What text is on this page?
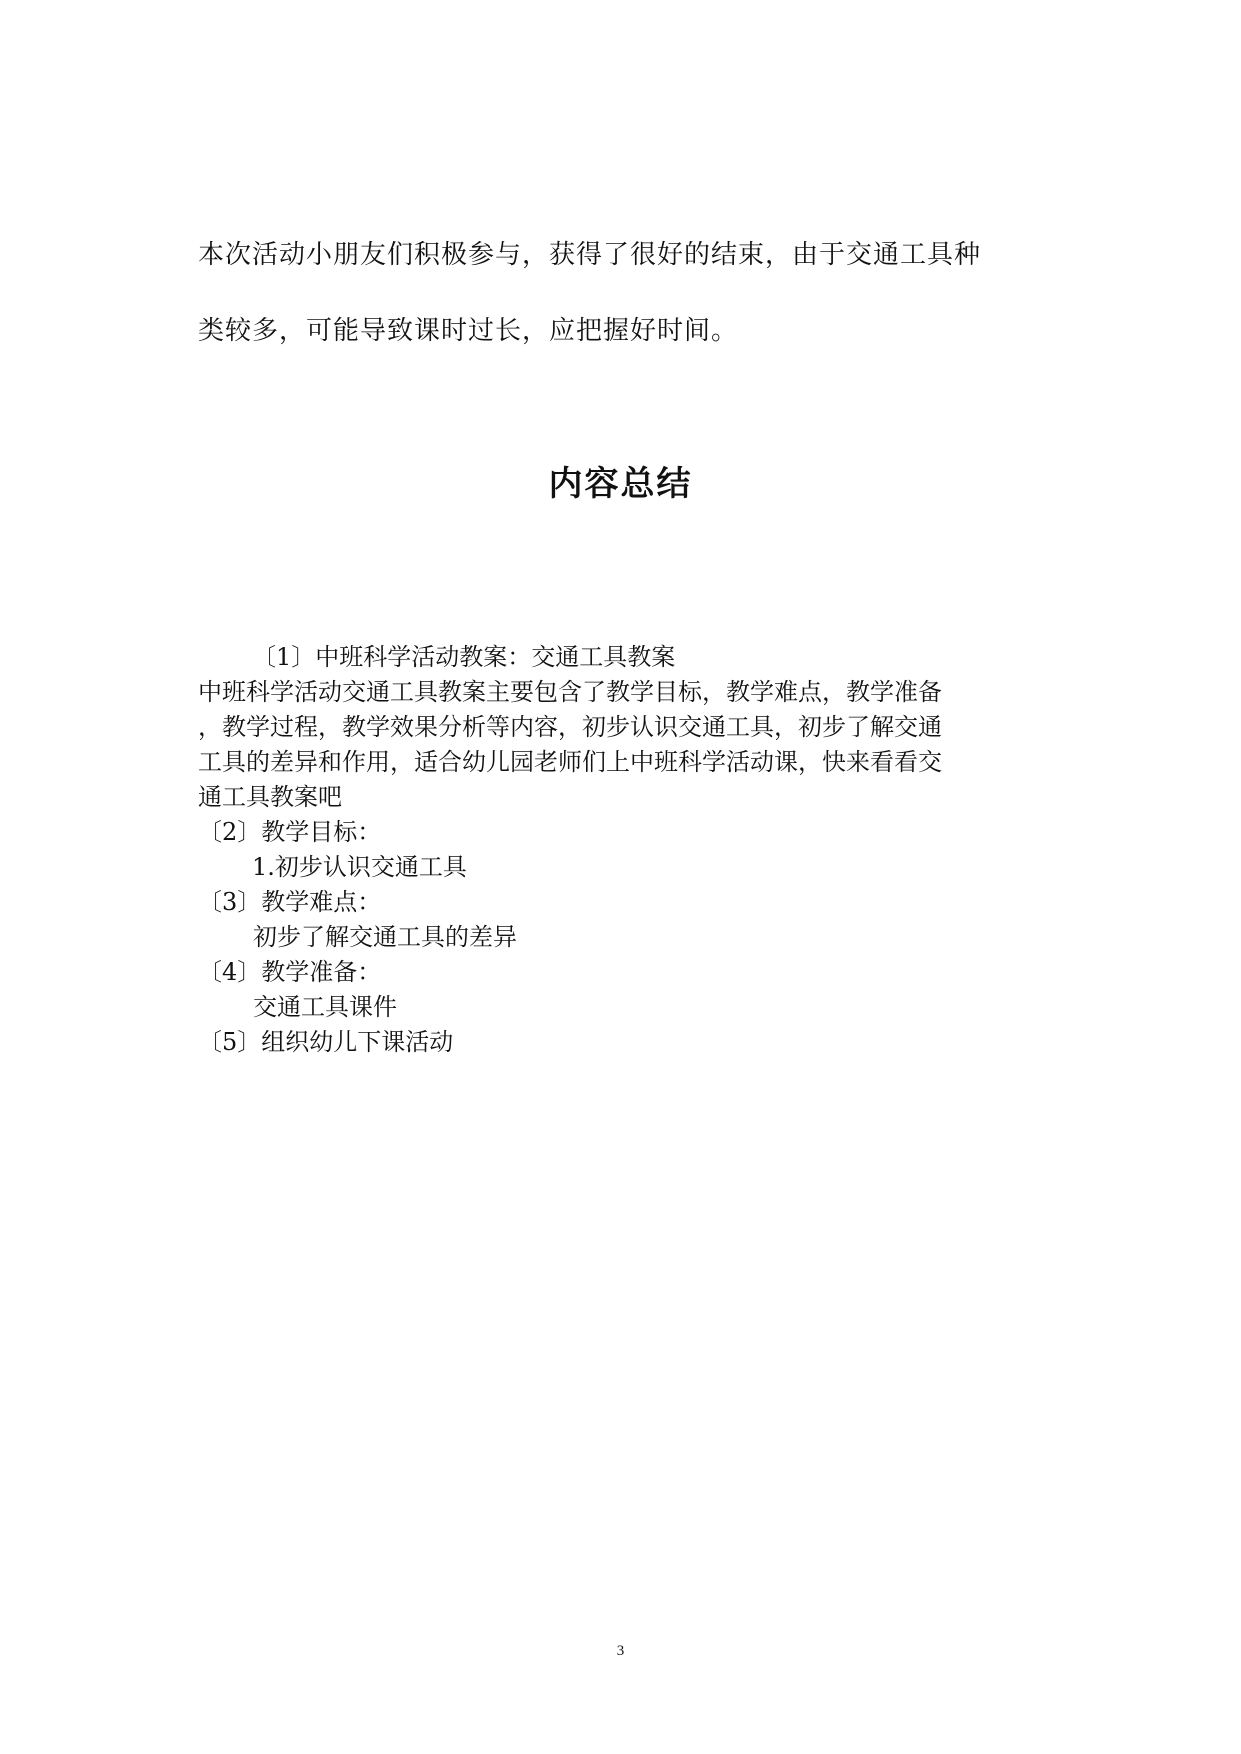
本次活动小朋友们积极参与，获得了很好的结束，由于交通工具种
类较多，可能导致课时过长，应把握好时间。
内容总结
〔1〕中班科学活动教案：交通工具教案
中班科学活动交通工具教案主要包含了教学目标，教学难点，教学准备
，教学过程，教学效果分析等内容，初步认识交通工具，初步了解交通
工具的差异和作用，适合幼儿园老师们上中班科学活动课，快来看看交
通工具教案吧
〔2〕教学目标：
1.初步认识交通工具
〔3〕教学难点：
初步了解交通工具的差异
〔4〕教学准备：
交通工具课件
〔5〕组织幼儿下课活动
3
